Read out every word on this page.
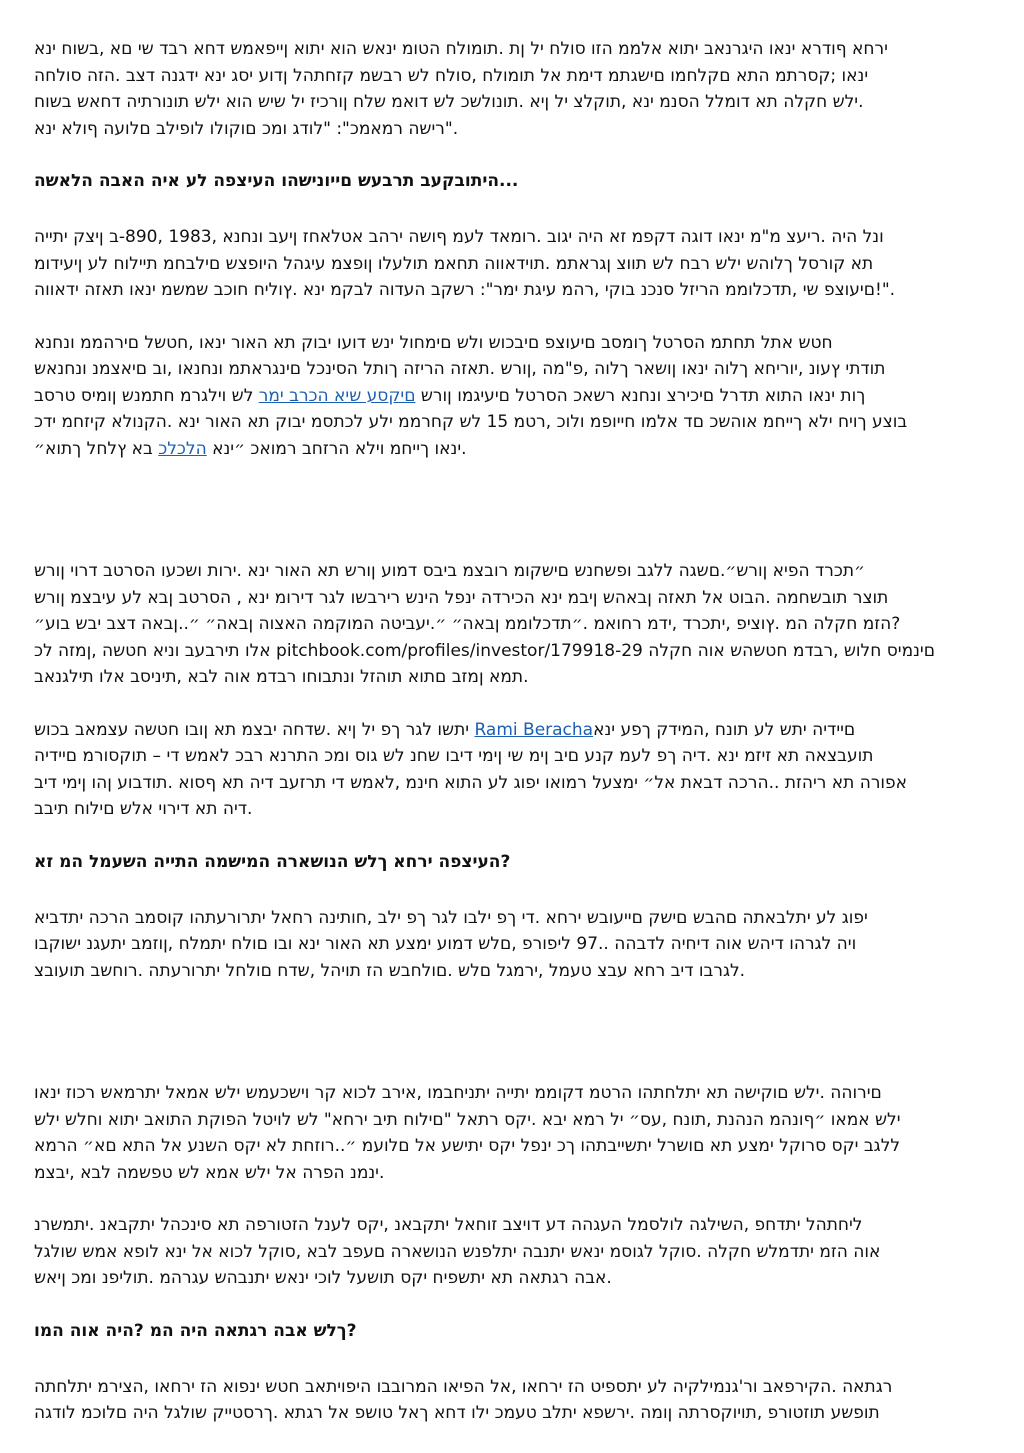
ירחא ףודרא ינאו היגרנאב יתוא אלממ הזו סולח יל ןת .תומולח הטומ ינאש הוא יתוא ןייפאמש דחא רבד שי םא ,בשוח ינא
ינאו ;קסרתמ התא םקלחמו םישגתמ דימת אל תומולח ,סולח לש רבשמ קזחתהל ןדוע יסג ינא ידגנה דצב .הזה סולחה
ילש חקלה תא דומלל הסנמ ינא ,תוקלצ יל ןיא .תונולשכ לש דואמ שלח ןורכיז יל שיש הוא ילש תונורתיה דחאש בשוח.
רישה רמאמכ": "לודג ומכ םוקולו לופילב םלועה ףולא ינא".
היתובקעב תרבעש םייונישהו העיצפה לע איה האבה הלאשה...
ונל היה .ריעצ מ"מ ינאו דוגה דקפמ זא היה יגוב .רומאד לעמ ףושה ירהב אטלאחז ןיעב ונחנא ,1983 ,890-ב ןיצק יתייה
תא קורסל ךלוהש ילש רבח לש תווצ ןגראתמ .תוידאווה תחאמ תולעלו ןופצמ עיגהל היופצש םילבחמ תיילוח לע ןיעידומ
םיעוצפ שי ,תדכלוממ הריזל סנכנ בוקי ,רהמ עיגת ימר": רשקב העדוה לבקמ ינא .ץוליח חוכב שמשמ ינאו תאזה ידאווה!".
חטש אתל תחתמ הסרטל ךומסב םיעוצפ םיבכוש ולש םימחול ינש דועו יבוק תא האור ינאו ,חטשל םירהממ ונחנא
תודתי ץעונ ,יוריחא ךלוה ינאו ןושאר ךלוה ,פ"מה ,ןורש .תאזה הריזה ךותל הסינכל םינגראתמ ונחנאו ,וב םיאצמנ ונחנאש
ךות ינאו התוא תדרל םיכירצ ונחנא רשאכ הסרטל םיעיגמו ןורש םיקסע שיא הכרב ימר לש וילגרמ חתמנש ןומיס טרסב
בוצע ךויח ילא ךייחמ אוהשכ םד אלמו חייופמ ולוכ ,רטמ 15 לש קחרממ ילע לכתסמ יבוק תא האור ינא .הקנולא קיזחמ ידכ
ינאו ךייחמ וילא הרזחב רמואכ ״ינא הלכלכ בא ץלחל ךתוא״.
״תכרד הפיא ןורש״.םשגה ללגב ופשחנש םישקומ רובצמ ביבס דמוע ןורש תא האור ינא .ירות ושכעו הסרטב דרוי ןורש
תוצר תובשחמה .הבוט אל תאזה ןבאהש ןיבמ ינא הכירדה ינפל הינש רירבשו לגר דירומ ינא , הסרטב ןבא לע עיבצמ ןורש
הזמ חקלה המ .ץוציפ ,יתכרד ,ידמ רחואמ .״תדכלוממ ןבאה״ ״.יעביטה המוקמה האצוה ןבאה״ ״..ןבאה דצב יבש בוע״?
אלו תירבעב וניא חטשה ,ןמזה לכ pitchbook.com/profiles/investor/179918-29 םינמיס חלוש ,רבדמ חטשהש אוה חקלה
תמא ןמזב םתוא תוהזל ונתבוחו רבדמ אוה לבא ,תיניסב אלו תילגנאב.
יתשו לגר ךפ יל ןיא .שדחה יבצמ תא ןובו חטשה עצמאב בכוש Rami Berachaםיידיה יתש לע תונח ,המידק ךפע ינא
תועבצאה תא זיזמ ינא .דיה ךפ לעמ קנע םיב ןימ שי ןימי דיבו שחנ לש גוס ומכ התרנא רבכ לאמש די – תוקסורמ םיידיה
אפורה תא ריהזת ..הרכה דבאת אל״ ימצעל רמואו יפוג לע התוא חינמ ,לאמש די תרזעב דיה תא ףסוא .תודבוע ןהו ןימי דיב
דיה תא דירוי אלש םילוח תיבב.
העיצפה ירחא ךלש הנושארה המישמה התייה השעמל המ זא?
יפוג לע יתלבאתה םהבש םישק םייעובש ירחא .די ךפ ילבו לגר ךפ ילב ,חותינה רחאל יתרורעתהו קוסמב הרכה יתדביא
ויה לגרהו דיהש אוה דיחיה לדבהה ..97 ליפורפ ,םלש דמוע ימצע תא האור ינא ובו םולח יתמלח ,ןוזמב יתעגנ ישוקבו
לגרבו דיב רחא עבצ טעמל ,ירמגל םלש .םולחבש הז תויהל ,שדח םולחל יתרורעתה .רוחשב תועובצ.
םירוהה .ילש םוקישה תא יתלחתהו הרטמ דקוממ יתייה יתניחבמו ,אירב לכוא קר וישכעמש ילש אמאל יתרמאש רכוז ינאו
ילש אמאו ״ףונהמ הנהנת ,תונח ,עס״ יל רמא יבא .יקס רתאל "םילוח תיב ירחא" לש לויטל הפוקת התואב יתוא וחלש ילש
ללגב יקס סרוקל ימצע תא םושרל יתשייבתהו ךכ ינפל יקס יתישע אל םלועמ ״..רוזחת לא יקס השנע אל התא םא״ הרמא
ינמנ הפרה אל ילש אמא לש טפשמה לבא ,יבצמ.
ליחתהל יתדחפ ,השילגה לולסמל העגהה דע דויצב זוחאל יתקבאנ ,יקס לענל הזטורפה תא סינכהל יתקבאנ .יתמשרנ
אוה הזמ יתדמלש חקלה .סוקל לגוסמ ינאש יתנבה יתלפנש הנושארה םעפב לבא ,סוקל לכוא אל ינא לופא אמש שולגל
אבה רגתאה תא יתשפיח יקס תושעל לוכי ינאש יתנבהש עגרהמ .תוליפנ ומכ ןיאש.
ךלש אבה רגתאה היה המ ?היה אוה המו?
רגתאה .הקירפאב ור'גנמילקיה לע יתספיט הז ירחאו ,אל הפיאו המרובבו היפויתאב חטש ינפוא הז ירחאו ,הצירמ יתלחתה
תופשע תוזטורפ ,תויוקסרתה ןומה .ירשפא יתלב טעמכ ילו דחא ךאל טושפ אל רגתא .ךרסטייק שולגל היה םלוכמ לודגה
